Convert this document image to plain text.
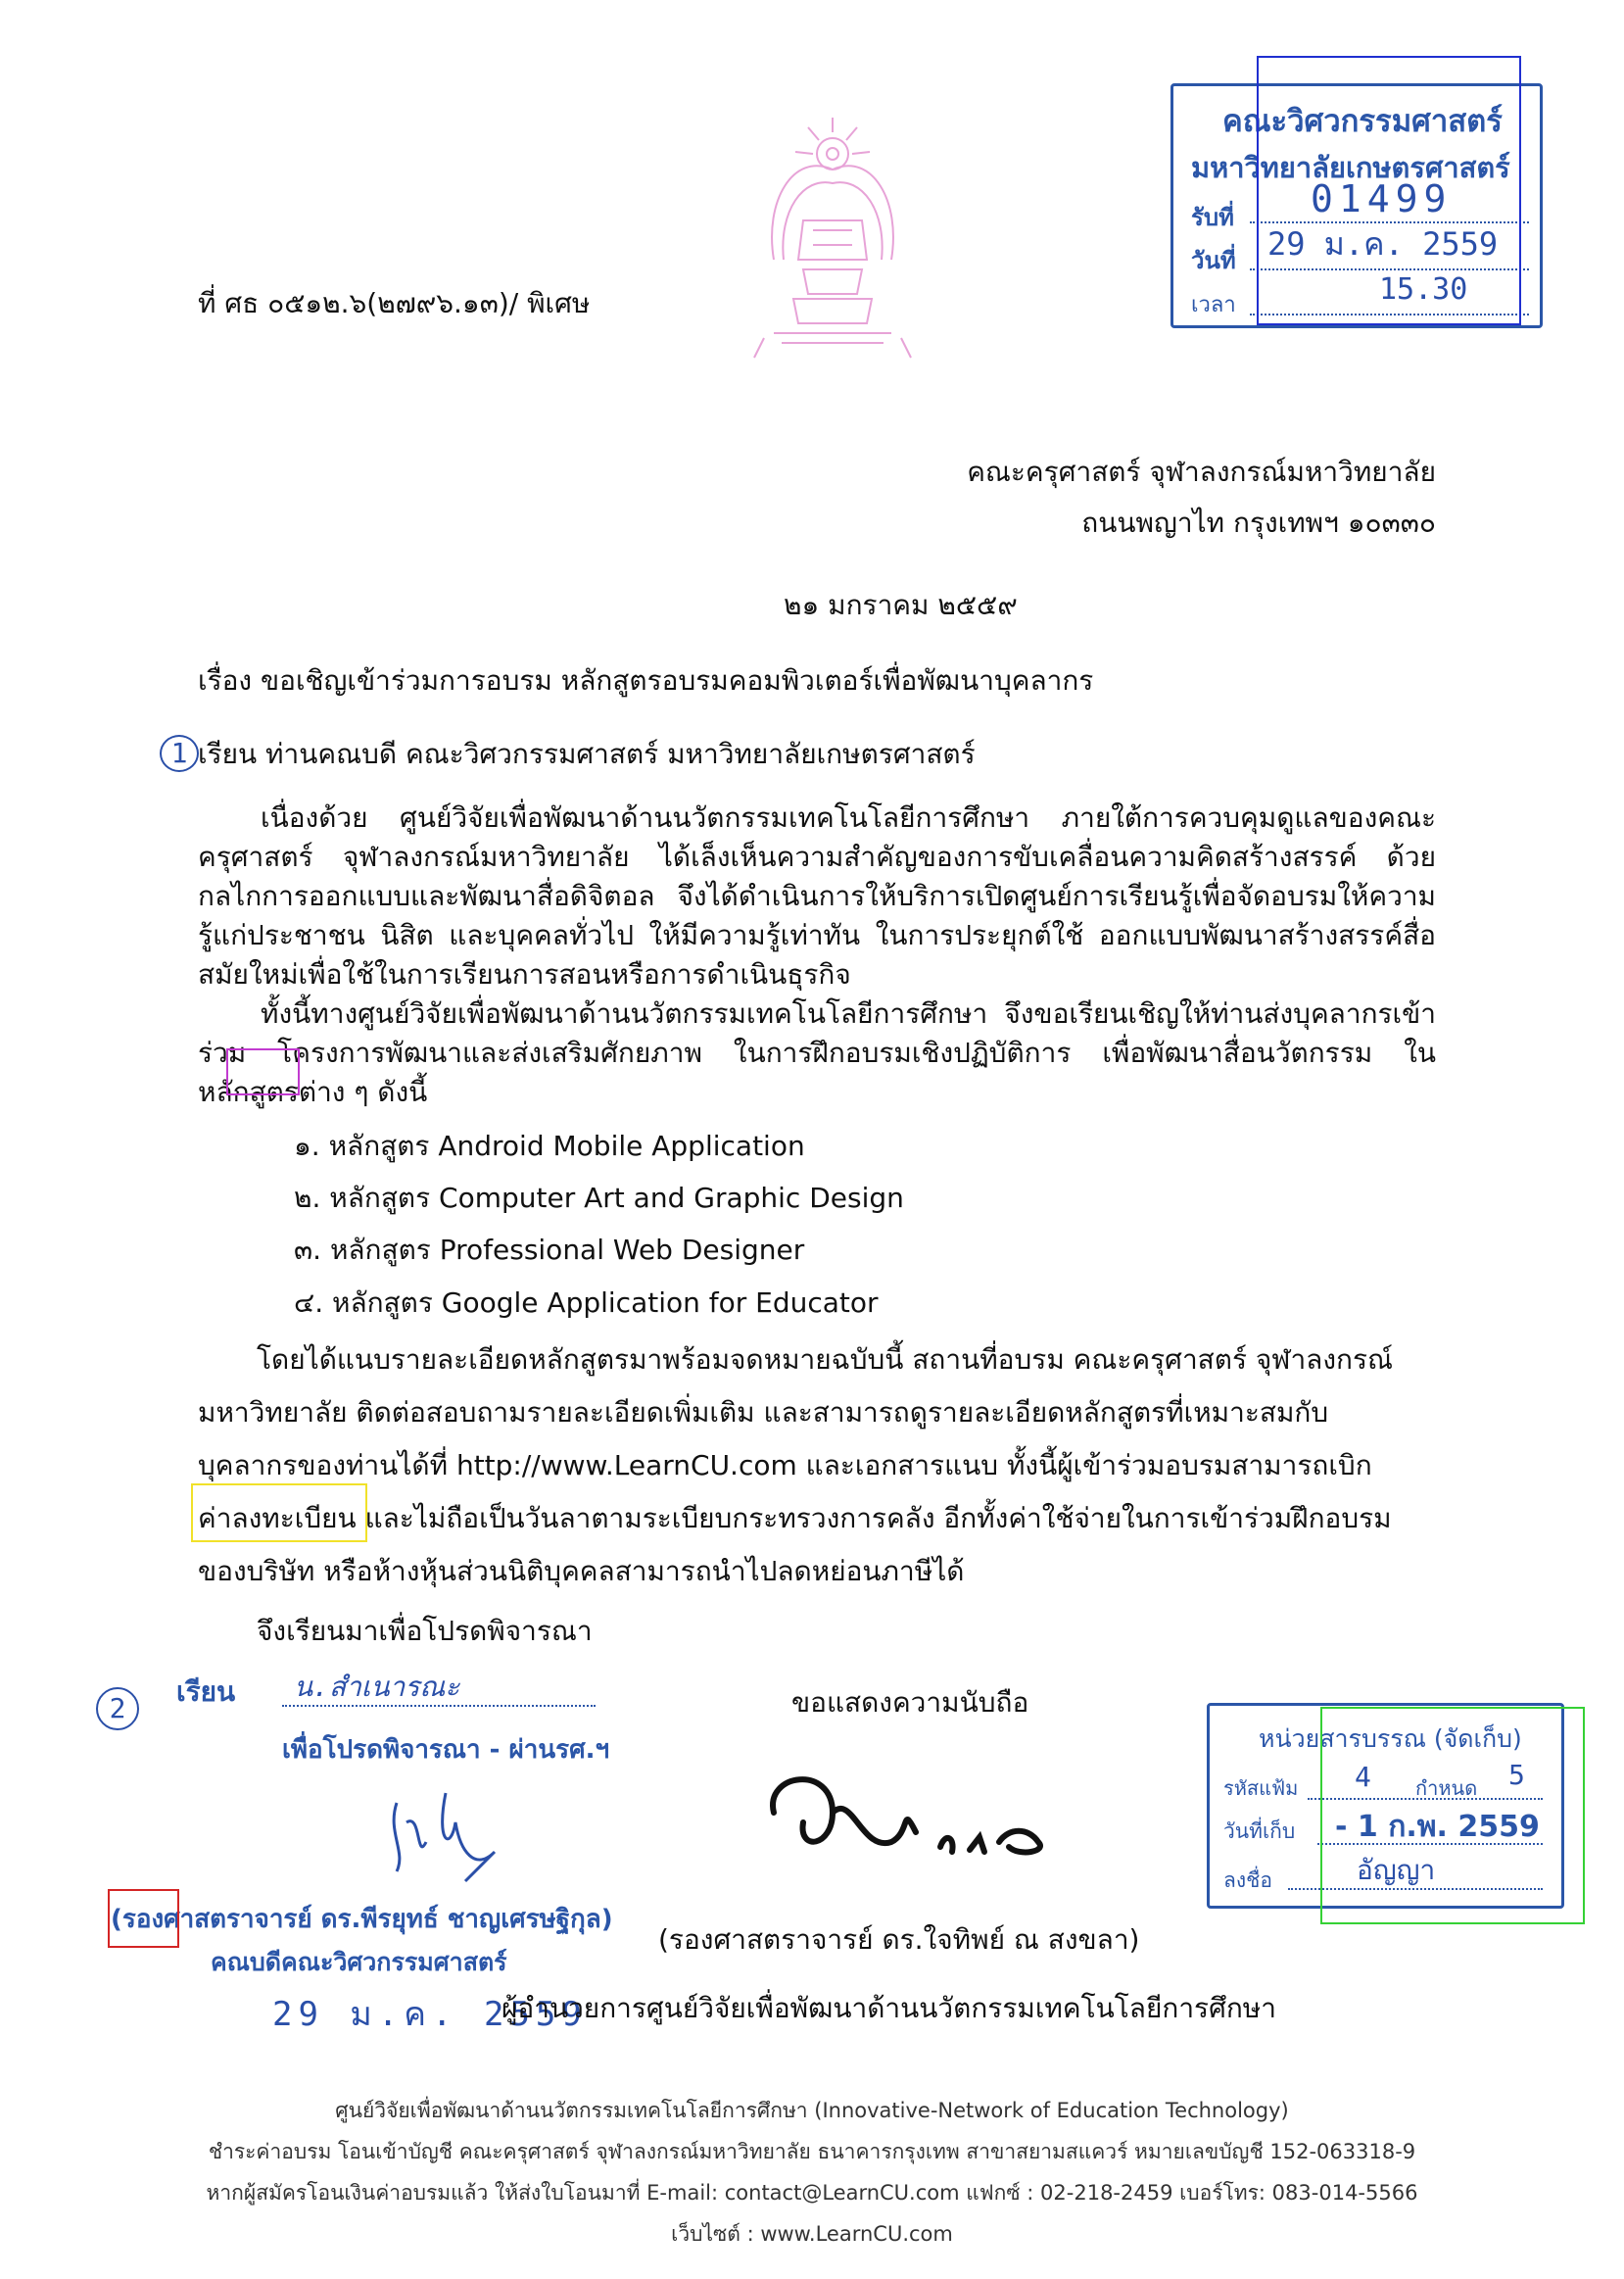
คณะวิศวกรรมศาสตร์
มหาวิทยาลัยเกษตรศาสตร์
รับที่ 01499
วันที่ 29 ม.ค. 2559
เวลา	15.30
ที่ ศธ ๐๕๑๒.๖(๒๗๙๖.๑๓)/ พิเศษ
คณะครุศาสตร์ จุฬาลงกรณ์มหาวิทยาลัย
ถนนพญาไท กรุงเทพฯ ๑๐๓๓๐
๒๑ มกราคม ๒๕๕๙
เรื่อง ขอเชิญเข้าร่วมการอบรม หลักสูตรอบรมคอมพิวเตอร์เพื่อพัฒนาบุคลากร
1 เรียน ท่านคณบดี คณะวิศวกรรมศาสตร์ มหาวิทยาลัยเกษตรศาสตร์
เนื่องด้วย ศูนย์วิจัยเพื่อพัฒนาด้านนวัตกรรมเทคโนโลยีการศึกษา ภายใต้การควบคุมดูแลของคณะครุศาสตร์ จุฬาลงกรณ์มหาวิทยาลัย ได้เล็งเห็นความสำคัญของการขับเคลื่อนความคิดสร้างสรรค์ ด้วยกลไกการออกแบบและพัฒนาสื่อดิจิตอล จึงได้ดำเนินการให้บริการเปิดศูนย์การเรียนรู้เพื่อจัดอบรมให้ความรู้แก่ประชาชน นิสิต และบุคคลทั่วไป ให้มีความรู้เท่าทัน ในการประยุกต์ใช้ ออกแบบพัฒนาสร้างสรรค์สื่อสมัยใหม่เพื่อใช้ในการเรียนการสอนหรือการดำเนินธุรกิจ
ทั้งนี้ทางศูนย์วิจัยเพื่อพัฒนาด้านนวัตกรรมเทคโนโลยีการศึกษา จึงขอเรียนเชิญให้ท่านส่งบุคลากรเข้าร่วม โครงการพัฒนาและส่งเสริมศักยภาพ ในการฝึกอบรมเชิงปฏิบัติการ เพื่อพัฒนาสื่อนวัตกรรม ในหลักสูตรต่าง ๆ ดังนี้
๑. หลักสูตร Android Mobile Application
๒. หลักสูตร Computer Art and Graphic Design
๓. หลักสูตร Professional Web Designer
๔. หลักสูตร Google Application for Educator
โดยได้แนบรายละเอียดหลักสูตรมาพร้อมจดหมายฉบับนี้ สถานที่อบรม คณะครุศาสตร์ จุฬาลงกรณ์
มหาวิทยาลัย ติดต่อสอบถามรายละเอียดเพิ่มเติม และสามารถดูรายละเอียดหลักสูตรที่เหมาะสมกับ
บุคลากรของท่านได้ที่ http://www.LearnCU.com และเอกสารแนบ ทั้งนี้ผู้เข้าร่วมอบรมสามารถเบิก
ค่าลงทะเบียน และไม่ถือเป็นวันลาตามระเบียบกระทรวงการคลัง อีกทั้งค่าใช้จ่ายในการเข้าร่วมฝึกอบรม
ของบริษัท หรือห้างหุ้นส่วนนิติบุคคลสามารถนำไปลดหย่อนภาษีได้
จึงเรียนมาเพื่อโปรดพิจารณา
2
เรียน น.สำเนารณะ
เพื่อโปรดพิจารณา - ผ่านรศ.ฯ
(รองศาสตราจารย์ ดร.พีรยุทธ์ ชาญเศรษฐิกุล)
คณบดีคณะวิศวกรรมศาสตร์
29 ม.ค. 2559
ขอแสดงความนับถือ
(รองศาสตราจารย์ ดร.ใจทิพย์ ณ สงขลา)
ผู้อำนวยการศูนย์วิจัยเพื่อพัฒนาด้านนวัตกรรมเทคโนโลยีการศึกษา
หน่วยสารบรรณ (จัดเก็บ)
รหัสแฟ้ม 4 กำหนด 5
วันที่เก็บ - 1 ก.พ. 2559
ลงชื่อ	อัญญา
ศูนย์วิจัยเพื่อพัฒนาด้านนวัตกรรมเทคโนโลยีการศึกษา (Innovative-Network of Education Technology)
ชำระค่าอบรม โอนเข้าบัญชี คณะครุศาสตร์ จุฬาลงกรณ์มหาวิทยาลัย ธนาคารกรุงเทพ สาขาสยามสแควร์ หมายเลขบัญชี 152-063318-9
หากผู้สมัครโอนเงินค่าอบรมแล้ว ให้ส่งใบโอนมาที่ E-mail: contact@LearnCU.com แฟกซ์ : 02-218-2459 เบอร์โทร: 083-014-5566
เว็บไซต์ : www.LearnCU.com
